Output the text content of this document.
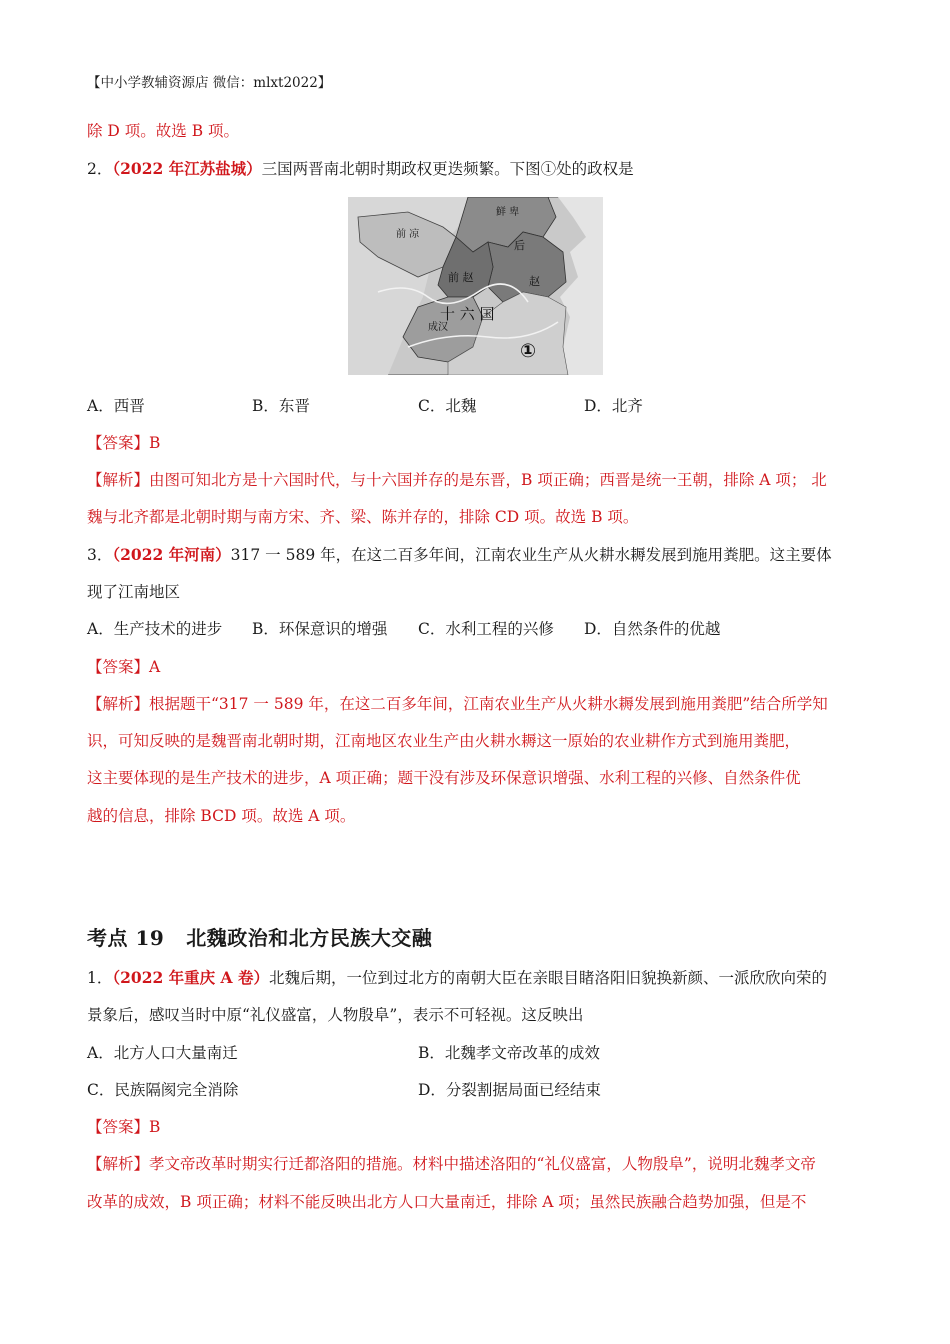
【中小学教辅资源店 微信：mlxt2022】
除 D 项。故选 B 项。
2．（2022 年江苏盐城）三国两晋南北朝时期政权更迭频繁。下图①处的政权是
鲜 卑
前 凉
后
赵
前 赵
十 六 国
成汉
①
A．西晋	B．东晋	C．北魏	D．北齐
【答案】B
【解析】由图可知北方是十六国时代，与十六国并存的是东晋，B 项正确；西晋是统一王朝，排除 A 项； 北
魏与北齐都是北朝时期与南方宋、齐、梁、陈并存的，排除 CD 项。故选 B 项。
3．（2022 年河南）317 一 589 年，在这二百多年间，江南农业生产从火耕水耨发展到施用粪肥。这主要体
现了江南地区
A．生产技术的进步 B．环保意识的增强 C．水利工程的兴修 D．自然条件的优越
【答案】A
【解析】根据题干“317 一 589 年，在这二百多年间，江南农业生产从火耕水耨发展到施用粪肥”结合所学知
识，可知反映的是魏晋南北朝时期，江南地区农业生产由火耕水耨这一原始的农业耕作方式到施用粪肥，
这主要体现的是生产技术的进步，A 项正确；题干没有涉及环保意识增强、水利工程的兴修、自然条件优
越的信息，排除 BCD 项。故选 A 项。
考点 19 北魏政治和北方民族大交融
1．（2022 年重庆 A 卷）北魏后期，一位到过北方的南朝大臣在亲眼目睹洛阳旧貌换新颜、一派欣欣向荣的
景象后，感叹当时中原“礼仪盛富，人物殷阜”，表示不可轻视。这反映出
A．北方人口大量南迁	B．北魏孝文帝改革的成效
C．民族隔阂完全消除	D．分裂割据局面已经结束
【答案】B
【解析】孝文帝改革时期实行迁都洛阳的措施。材料中描述洛阳的“礼仪盛富，人物殷阜”，说明北魏孝文帝
改革的成效，B 项正确；材料不能反映出北方人口大量南迁，排除 A 项；虽然民族融合趋势加强，但是不
